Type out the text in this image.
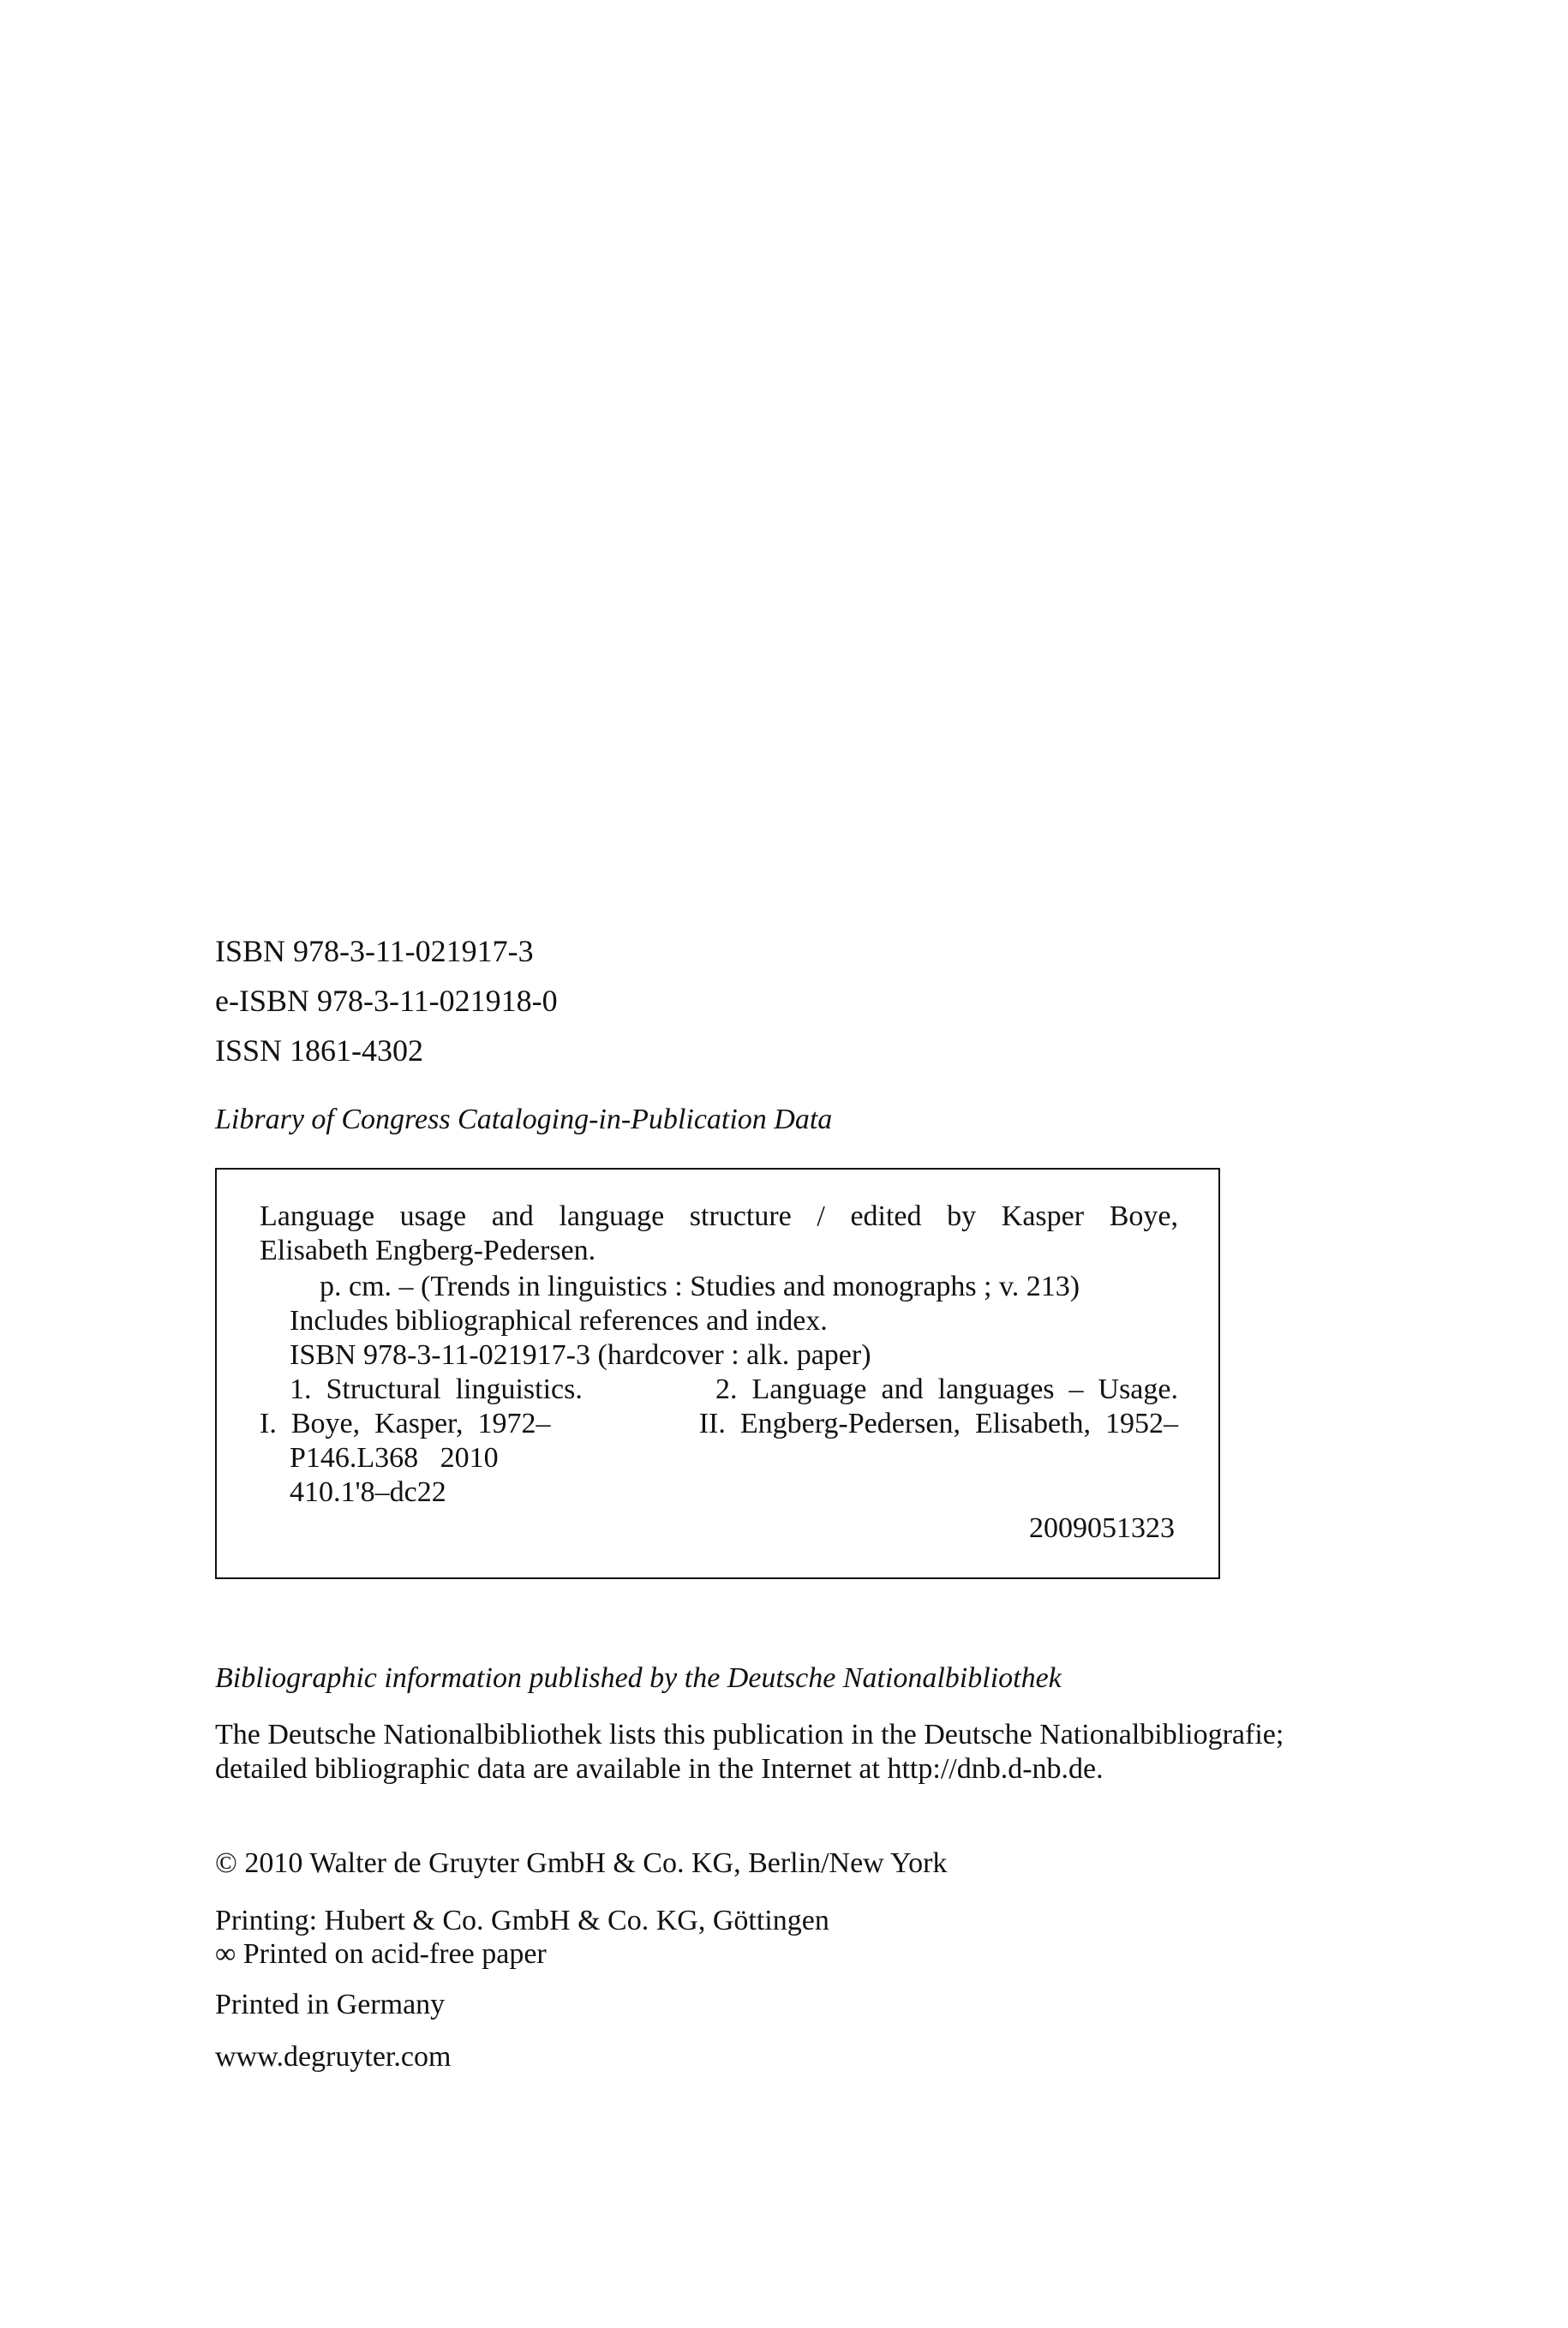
ISBN 978-3-11-021917-3
e-ISBN 978-3-11-021918-0
ISSN 1861-4302
Library of Congress Cataloging-in-Publication Data
Language usage and language structure / edited by Kasper Boye,
Elisabeth Engberg-Pedersen.
p. cm. – (Trends in linguistics : Studies and monographs ; v. 213)
Includes bibliographical references and index.
ISBN 978-3-11-021917-3 (hardcover : alk. paper)
1.  Structural  linguistics.	2.  Language  and  languages  –  Usage.
I.  Boye,  Kasper,  1972–	II.  Engberg-Pedersen,  Elisabeth,  1952–
P146.L368   2010
410.1'8–dc22
2009051323
Bibliographic information published by the Deutsche Nationalbibliothek
The Deutsche Nationalbibliothek lists this publication in the Deutsche Nationalbibliografie;
detailed bibliographic data are available in the Internet at http://dnb.d-nb.de.
© 2010 Walter de Gruyter GmbH & Co. KG, Berlin/New York
Printing: Hubert & Co. GmbH & Co. KG, Göttingen
∞ Printed on acid-free paper
Printed in Germany
www.degruyter.com
